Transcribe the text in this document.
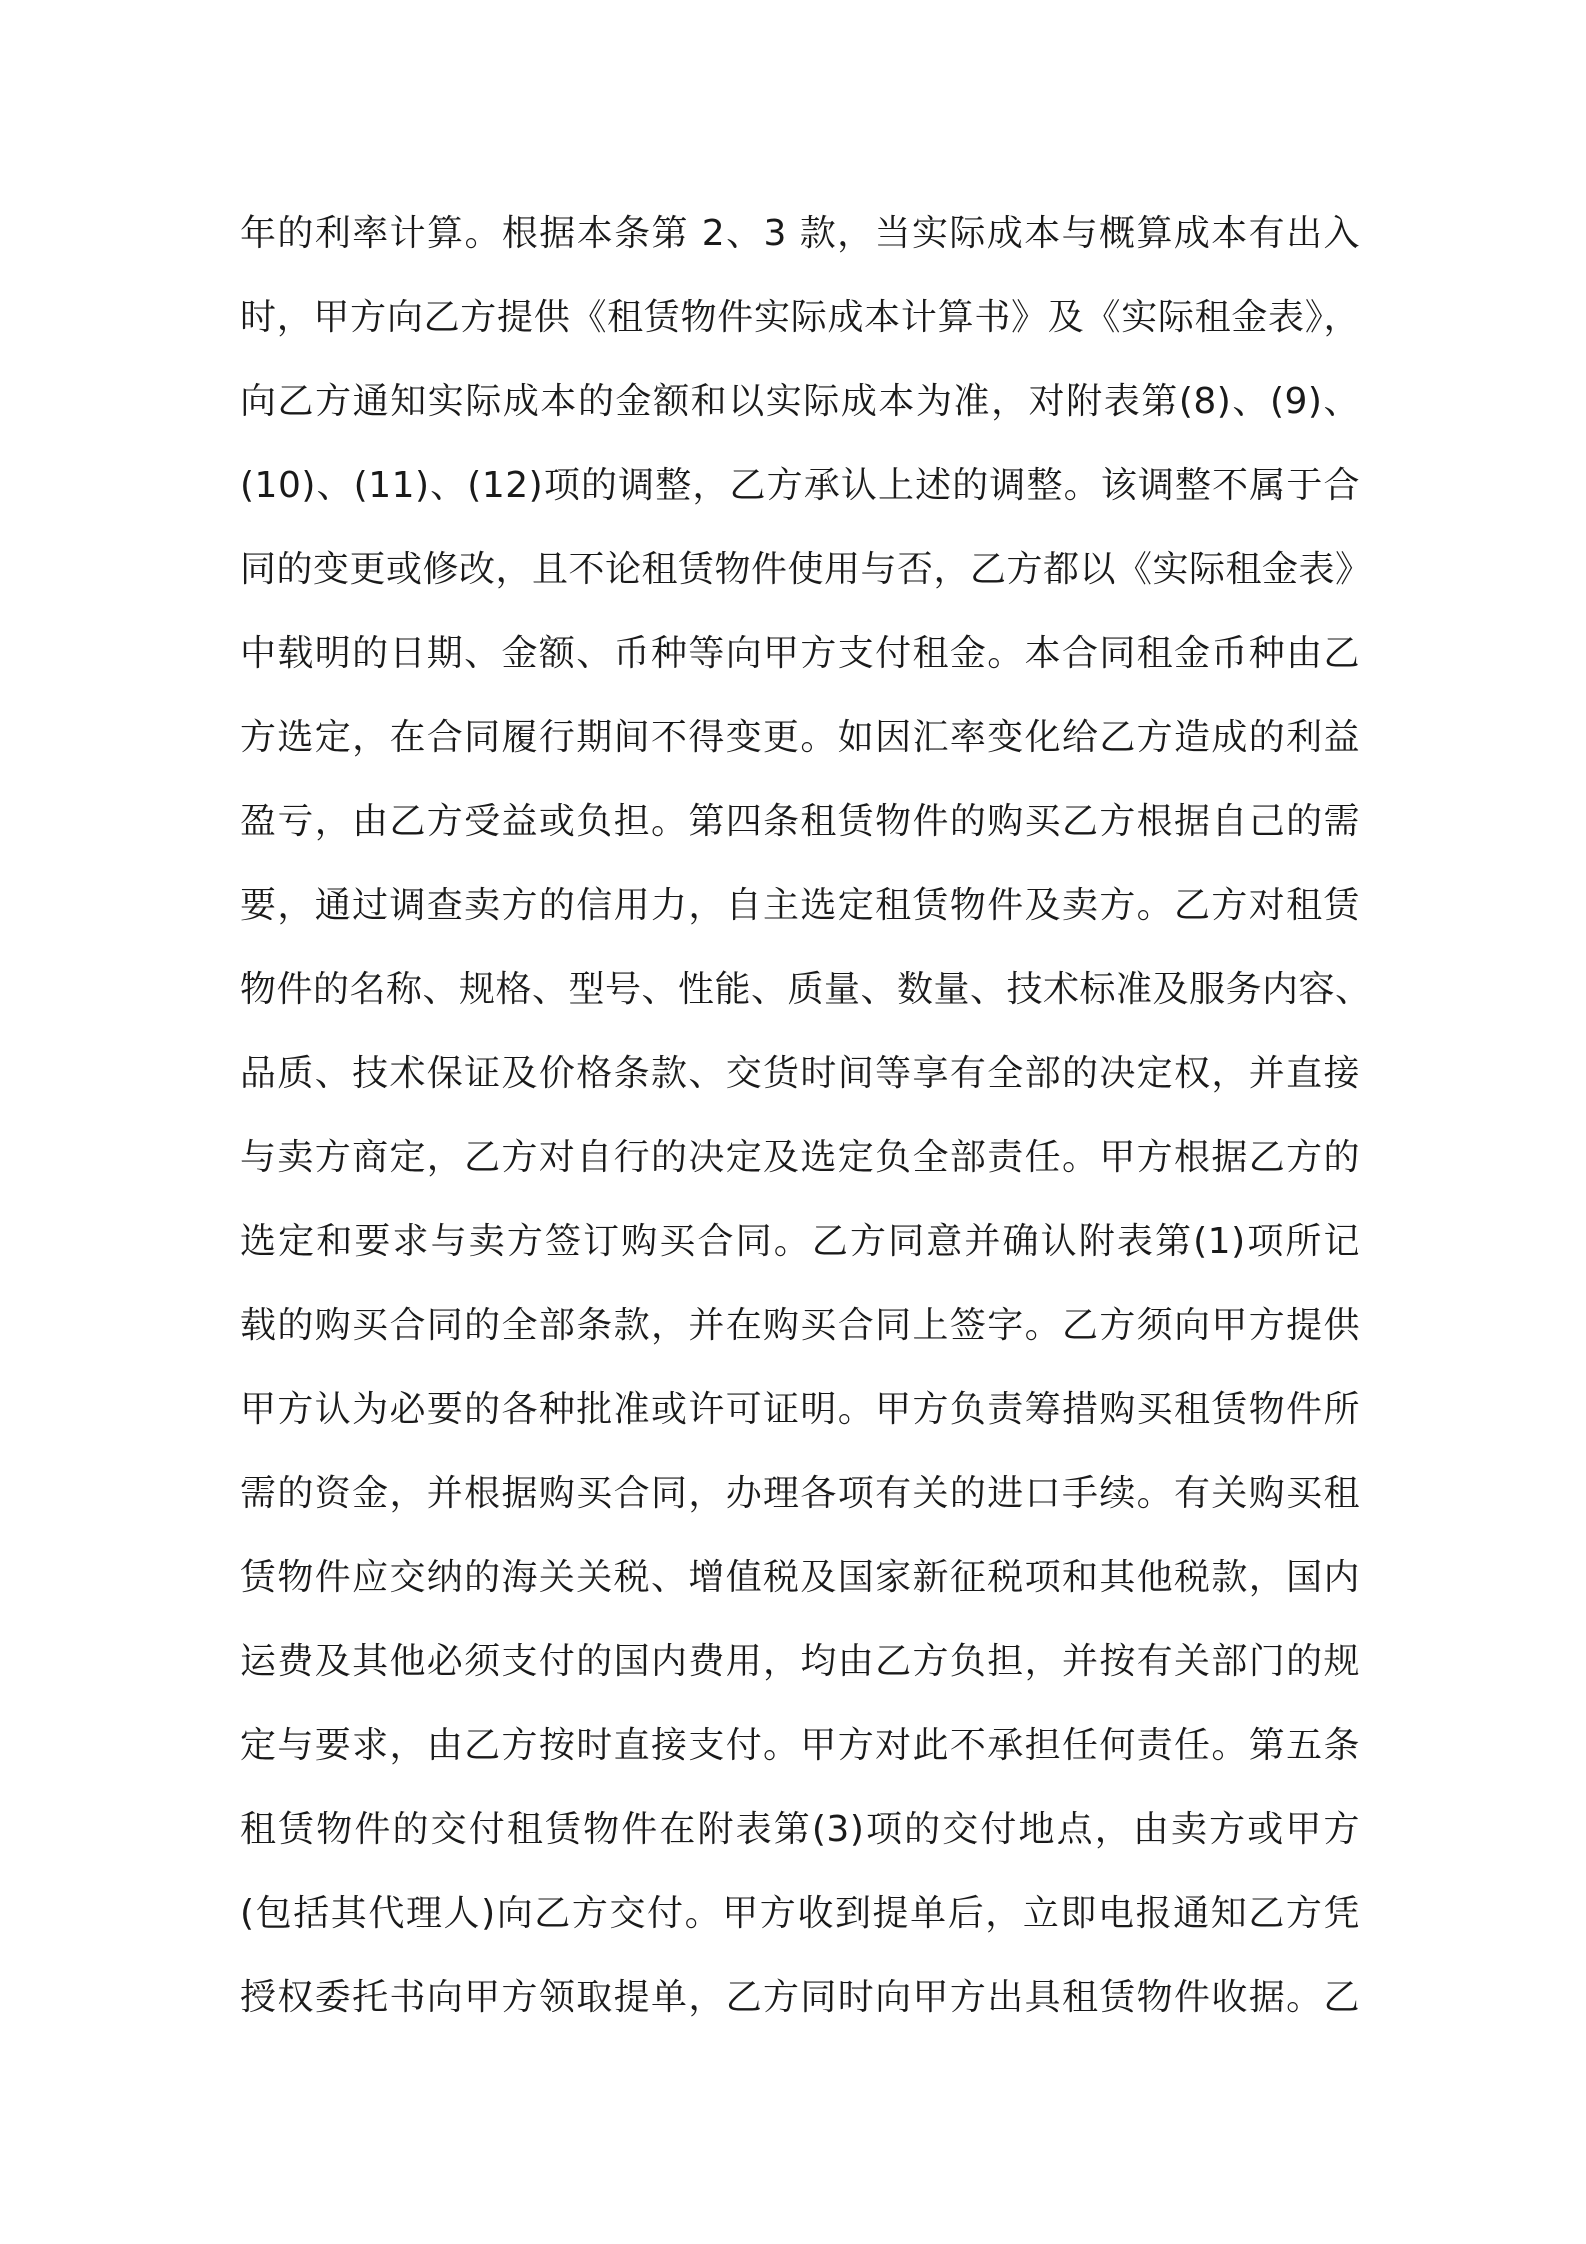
年的利率计算。根据本条第 2、3 款，当实际成本与概算成本有出入
时，甲方向乙方提供《租赁物件实际成本计算书》及《实际租金表》，
向乙方通知实际成本的金额和以实际成本为准，对附表第(8)、(9)、
(10)、(11)、(12)项的调整，乙方承认上述的调整。该调整不属于合
同的变更或修改，且不论租赁物件使用与否，乙方都以《实际租金表》
中载明的日期、金额、币种等向甲方支付租金。本合同租金币种由乙
方选定，在合同履行期间不得变更。如因汇率变化给乙方造成的利益
盈亏，由乙方受益或负担。第四条租赁物件的购买乙方根据自己的需
要，通过调查卖方的信用力，自主选定租赁物件及卖方。乙方对租赁
物件的名称、规格、型号、性能、质量、数量、技术标准及服务内容、
品质、技术保证及价格条款、交货时间等享有全部的决定权，并直接
与卖方商定，乙方对自行的决定及选定负全部责任。甲方根据乙方的
选定和要求与卖方签订购买合同。乙方同意并确认附表第(1)项所记
载的购买合同的全部条款，并在购买合同上签字。乙方须向甲方提供
甲方认为必要的各种批准或许可证明。甲方负责筹措购买租赁物件所
需的资金，并根据购买合同，办理各项有关的进口手续。有关购买租
赁物件应交纳的海关关税、增值税及国家新征税项和其他税款，国内
运费及其他必须支付的国内费用，均由乙方负担，并按有关部门的规
定与要求，由乙方按时直接支付。甲方对此不承担任何责任。第五条
租赁物件的交付租赁物件在附表第(3)项的交付地点，由卖方或甲方
(包括其代理人)向乙方交付。甲方收到提单后，立即电报通知乙方凭
授权委托书向甲方领取提单，乙方同时向甲方出具租赁物件收据。乙
